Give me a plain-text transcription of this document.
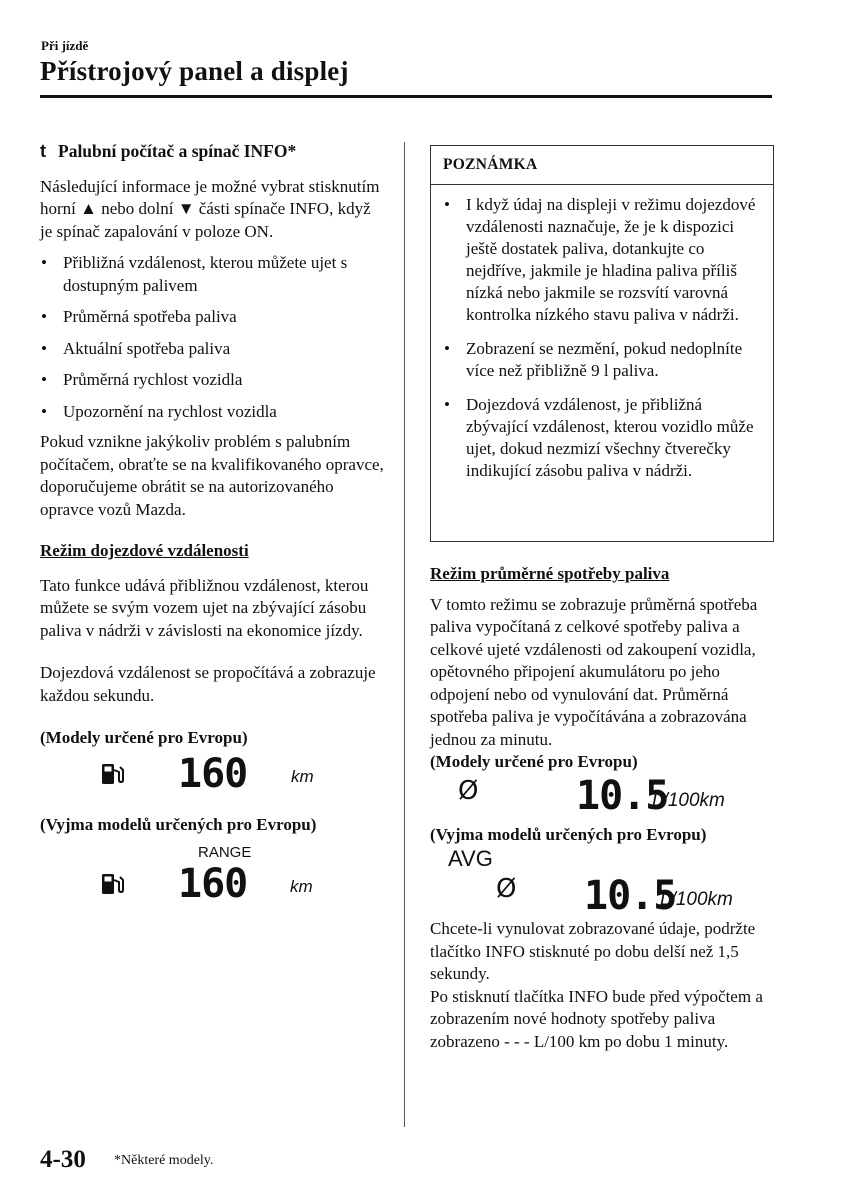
Při jízdě
Přístrojový panel a displej
t Palubní počítač a spínač INFO*

Následující informace je možné vybrat stisknutím horní ▲ nebo dolní ▼ části spínače INFO, když je spínač zapalování v poloze ON.

• Přibližná vzdálenost, kterou můžete ujet s dostupným palivem
• Průměrná spotřeba paliva
• Aktuální spotřeba paliva
• Průměrná rychlost vozidla
• Upozornění na rychlost vozidla

Pokud vznikne jakýkoliv problém s palubním počítačem, obraťte se na kvalifikovaného opravce, doporučujeme obrátit se na autorizovaného opravce vozů Mazda.

Režim dojezdové vzdálenosti

Tato funkce udává přibližnou vzdálenost, kterou můžete se svým vozem ujet na zbývající zásobu paliva v nádrži v závislosti na ekonomice jízdy.

Dojezdová vzdálenost se propočítává a zobrazuje každou sekundu.

(Modely určené pro Evropu)

160	km

(Vyjma modelů určených pro Evropu)

RANGE
160	km
POZNÁMKA
• I když údaj na displeji v režimu dojezdové vzdálenosti naznačuje, že je k dispozici ještě dostatek paliva, dotankujte co nejdříve, jakmile je hladina paliva příliš nízká nebo jakmile se rozsvítí varovná kontrolka nízkého stavu paliva v nádrži.
• Zobrazení se nezmění, pokud nedoplníte více než přibližně 9 l paliva.
• Dojezdová vzdálenost, je přibližná zbývající vzdálenost, kterou vozidlo může ujet, dokud nezmizí všechny čtverečky indikující zásobu paliva v nádrži.

Režim průměrné spotřeby paliva

V tomto režimu se zobrazuje průměrná spotřeba paliva vypočítaná z celkové spotřeby paliva a celkové ujeté vzdálenosti od zakoupení vozidla, opětovného připojení akumulátoru po jeho odpojení nebo od vynulování dat. Průměrná spotřeba paliva je vypočítávána a zobrazována jednou za minutu.

(Modely určené pro Evropu)

Ø 10.5
L/100km

(Vyjma modelů určených pro Evropu)

AVG
Ø 10.5
L/100km

Chcete-li vynulovat zobrazované údaje, podržte tlačítko INFO stisknuté po dobu delší než 1,5 sekundy.

Po stisknutí tlačítka INFO bude před výpočtem a zobrazením nové hodnoty spotřeby paliva zobrazeno - - - L/100 km po dobu 1 minuty.

4-30 *Některé modely.
